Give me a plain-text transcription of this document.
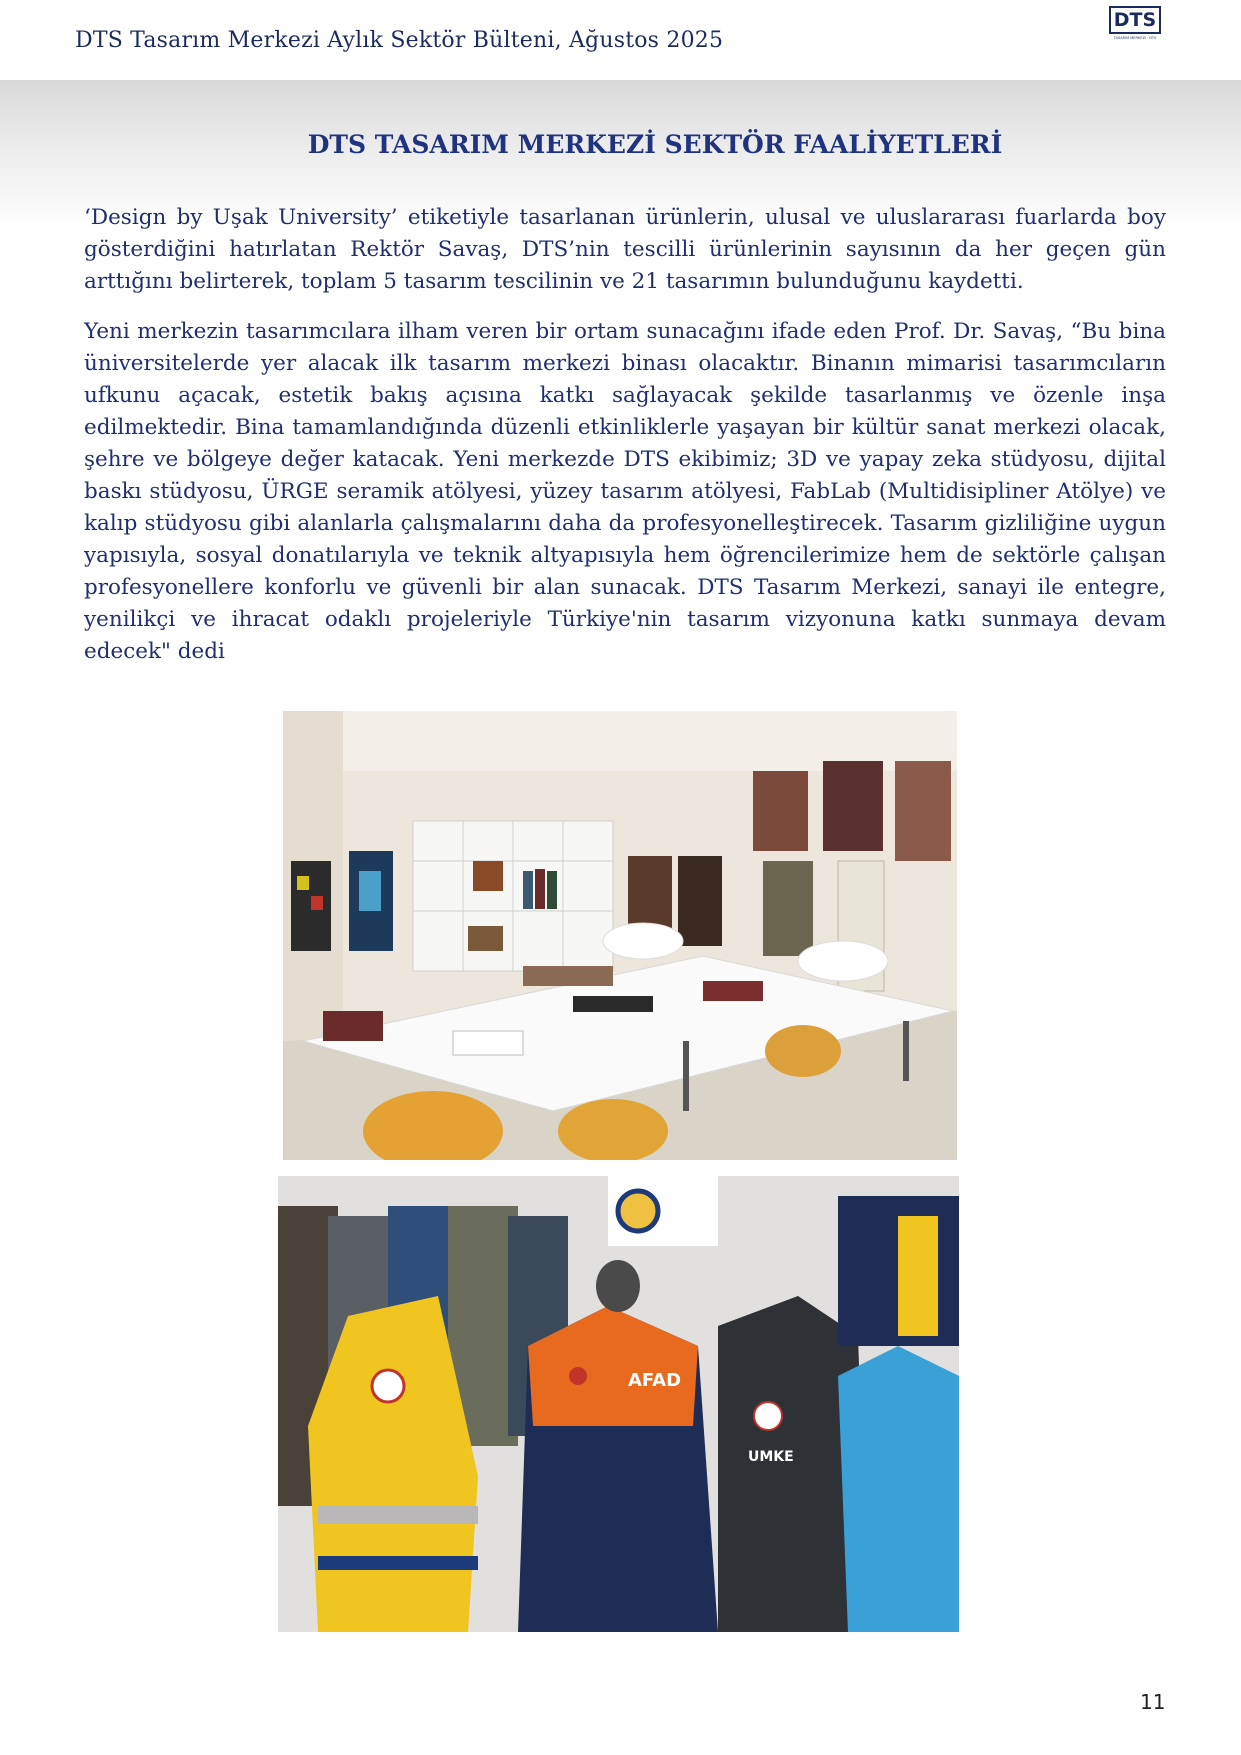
DTS Tasarım Merkezi Aylık Sektör Bülteni, Ağustos 2025
DTS
TASARIM MERKEZİ · DTS
DTS TASARIM MERKEZİ SEKTÖR FAALİYETLERİ

‘Design by Uşak University’ etiketiyle tasarlanan ürünlerin, ulusal ve uluslararası fuarlarda boy gösterdiğini hatırlatan Rektör Savaş, DTS’nin tescilli ürünlerinin sayısının da her geçen gün arttığını belirterek, toplam 5 tasarım tescilinin ve 21 tasarımın bulunduğunu kaydetti.

Yeni merkezin tasarımcılara ilham veren bir ortam sunacağını ifade eden Prof. Dr. Savaş, “Bu bina üniversitelerde yer alacak ilk tasarım merkezi binası olacaktır. Binanın mimarisi tasarımcıların ufkunu açacak, estetik bakış açısına katkı sağlayacak şekilde tasarlanmış ve özenle inşa edilmektedir. Bina tamamlandığında düzenli etkinliklerle yaşayan bir kültür sanat merkezi olacak, şehre ve bölgeye değer katacak. Yeni merkezde DTS ekibimiz; 3D ve yapay zeka stüdyosu, dijital baskı stüdyosu, ÜRGE seramik atölyesi, yüzey tasarım atölyesi, FabLab (Multidisipliner Atölye) ve kalıp stüdyosu gibi alanlarla çalışmalarını daha da profesyonelleştirecek. Tasarım gizliliğine uygun yapısıyla, sosyal donatılarıyla ve teknik altyapısıyla hem öğrencilerimize hem de sektörle çalışan profesyonellere konforlu ve güvenli bir alan sunacak. DTS Tasarım Merkezi, sanayi ile entegre, yenilikçi ve ihracat odaklı projeleriyle Türkiye'nin tasarım vizyonuna katkı sunmaya devam edecek" dedi

AFAD
UMKE
11
